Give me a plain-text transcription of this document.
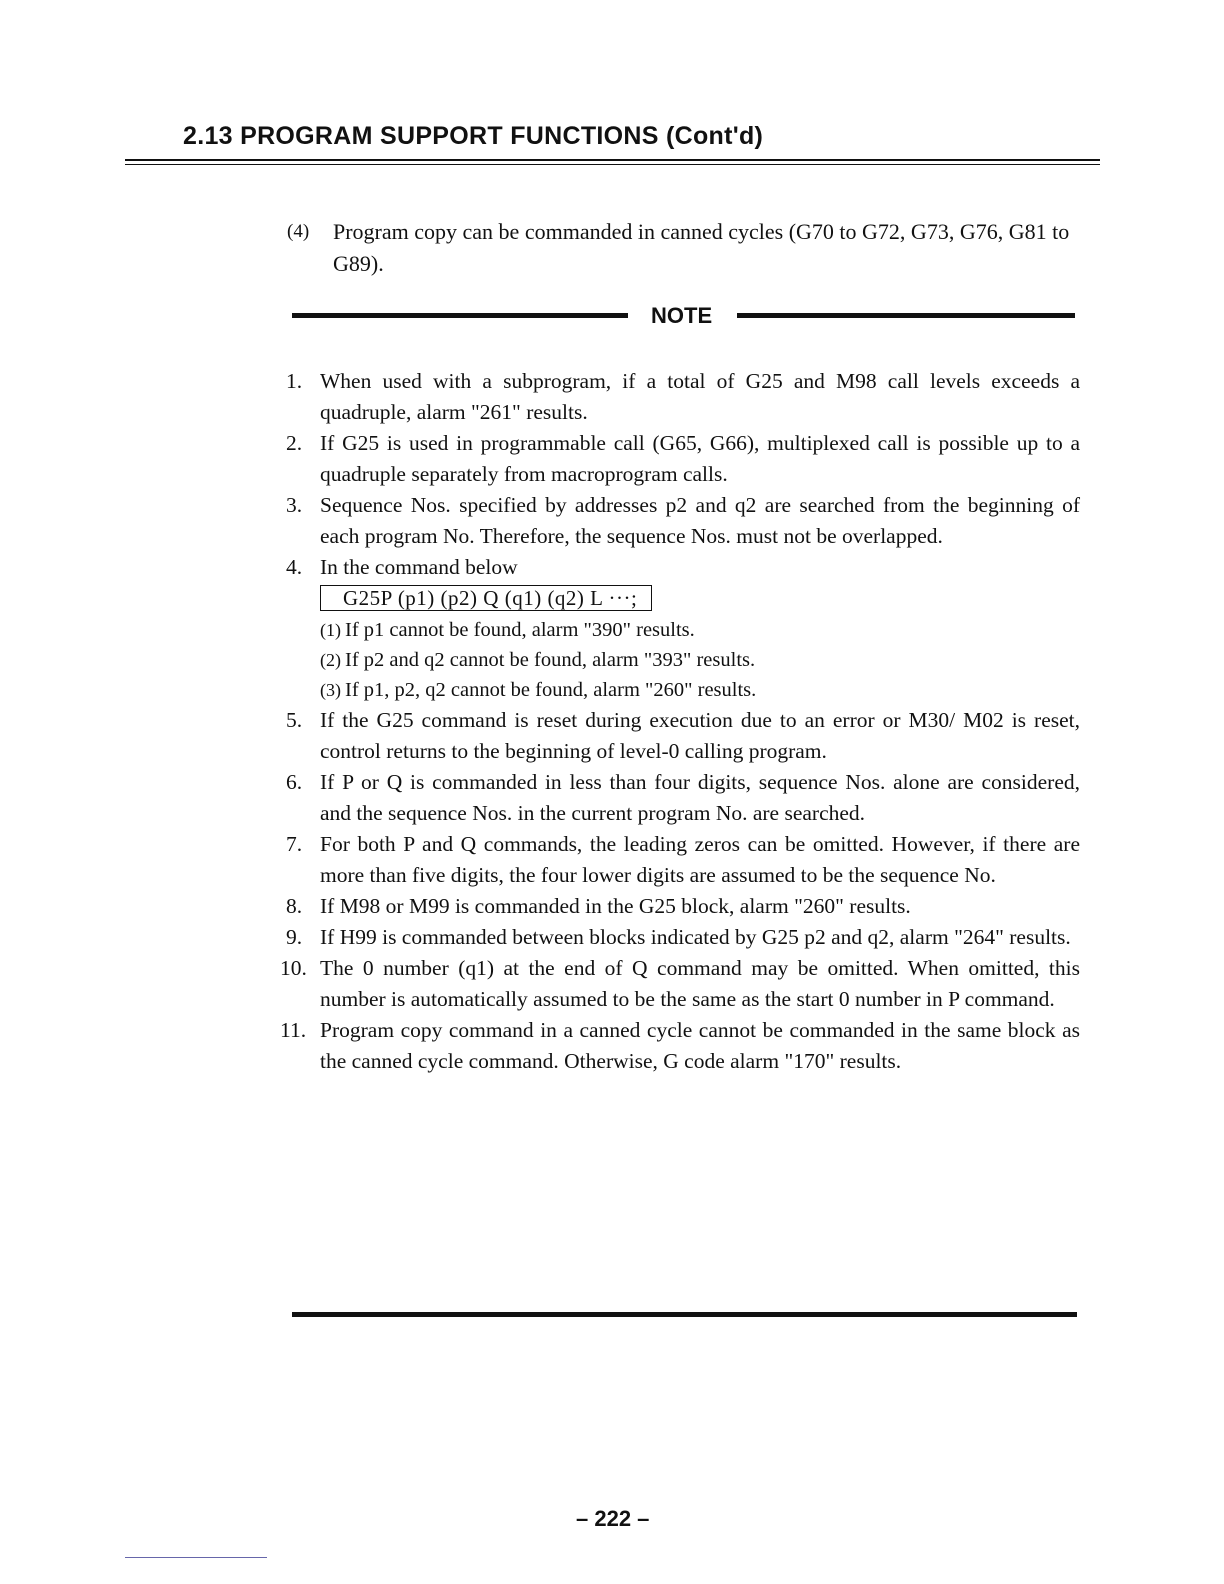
2.13 PROGRAM SUPPORT FUNCTIONS (Cont'd)
(4) Program copy can be commanded in canned cycles (G70 to G72, G73, G76, G81 to G89).
NOTE
1. When used with a subprogram, if a total of G25 and M98 call levels exceeds a quadruple, alarm "261" results.
2. If G25 is used in programmable call (G65, G66), multiplexed call is possible up to a quadruple separately from macroprogram calls.
3. Sequence Nos. specified by addresses p2 and q2 are searched from the beginning of each program No. Therefore, the sequence Nos. must not be overlapped.
4. In the command below
G25P (p1) (p2) Q (q1) (q2) L ···;
(1) If p1 cannot be found, alarm "390" results.
(2) If p2 and q2 cannot be found, alarm "393" results.
(3) If p1, p2, q2 cannot be found, alarm "260" results.
5. If the G25 command is reset during execution due to an error or M30/ M02 is reset, control returns to the beginning of level-0 calling program.
6. If P or Q is commanded in less than four digits, sequence Nos. alone are considered, and the sequence Nos. in the current program No. are searched.
7. For both P and Q commands, the leading zeros can be omitted. However, if there are more than five digits, the four lower digits are assumed to be the sequence No.
8. If M98 or M99 is commanded in the G25 block, alarm "260" results.
9. If H99 is commanded between blocks indicated by G25 p2 and q2, alarm "264" results.
10. The 0 number (q1) at the end of Q command may be omitted. When omitted, this number is automatically assumed to be the same as the start 0 number in P command.
11. Program copy command in a canned cycle cannot be commanded in the same block as the canned cycle command. Otherwise, G code alarm "170" results.
– 222 –
